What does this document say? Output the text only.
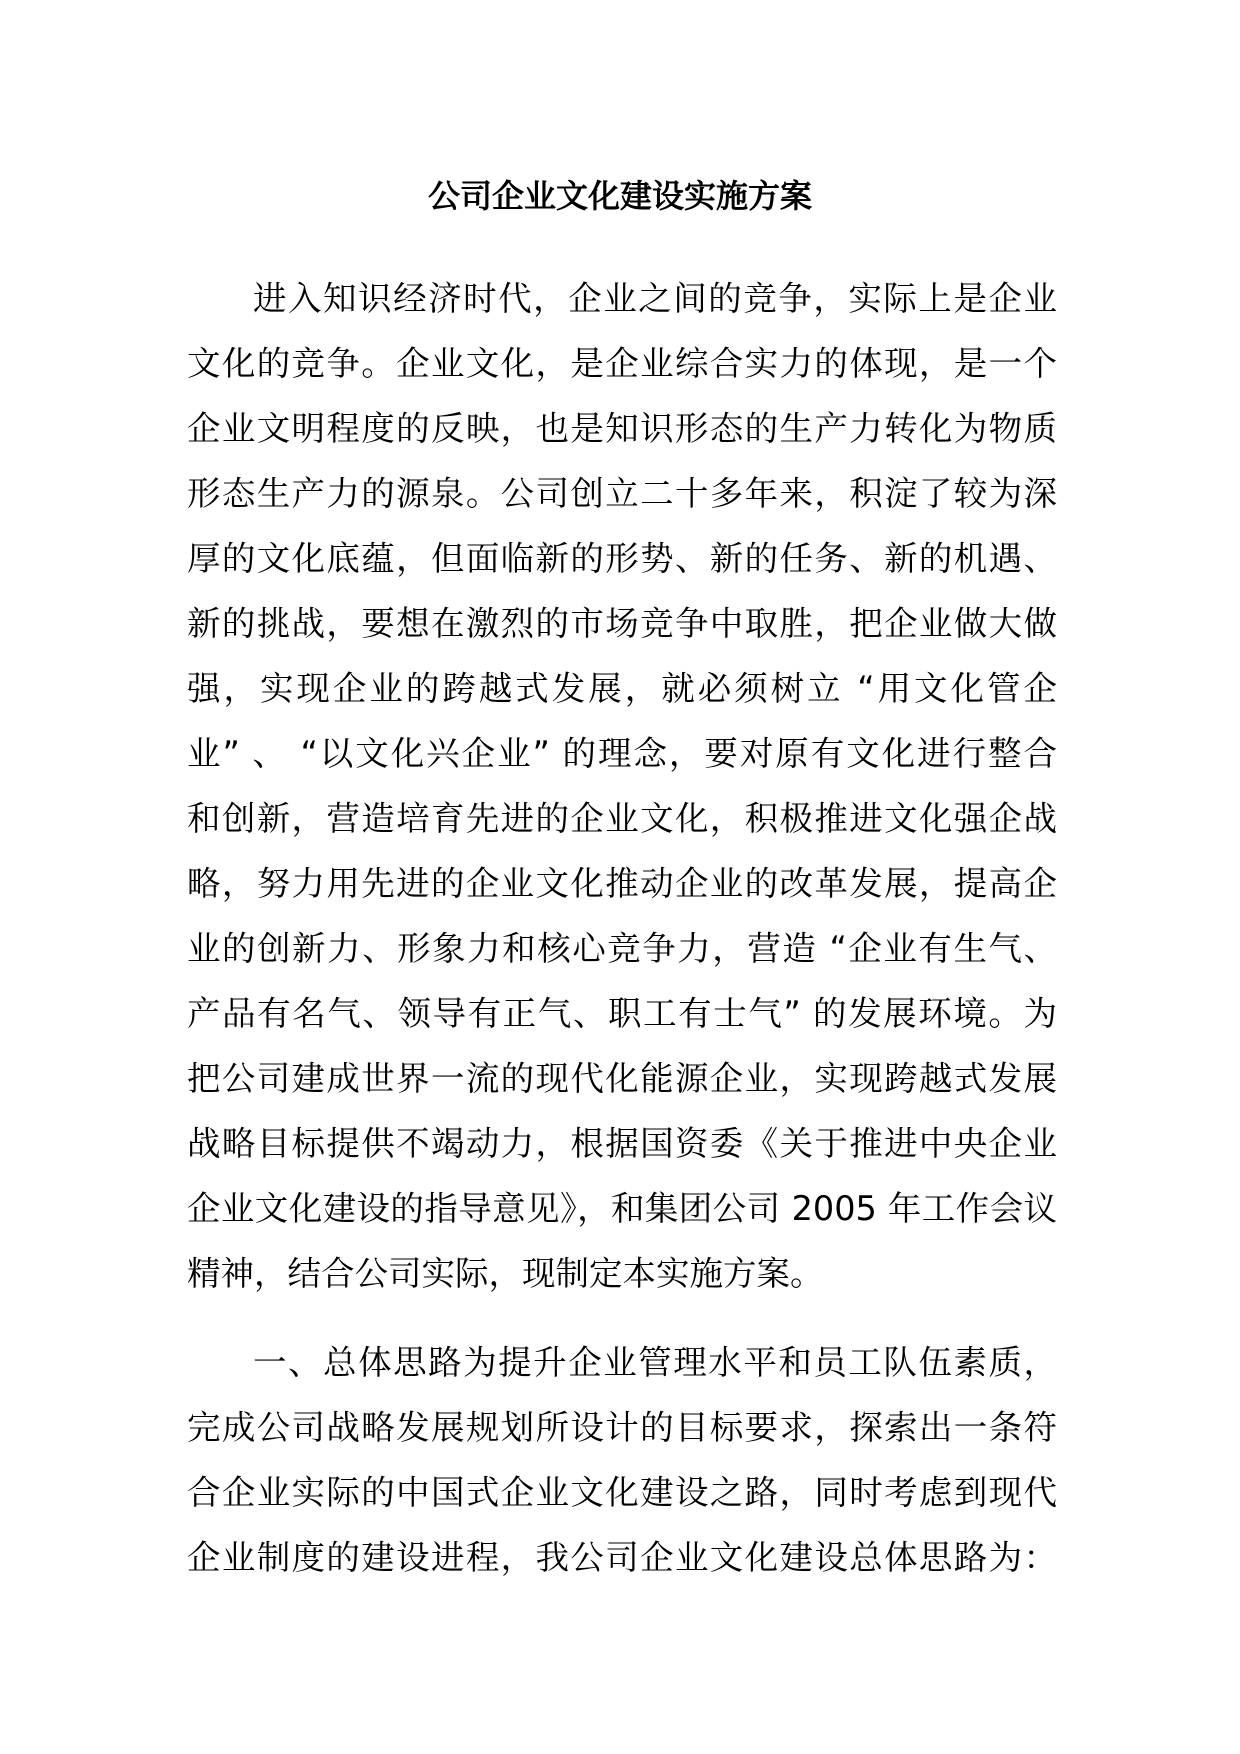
公司企业文化建设实施方案
进入知识经济时代，企业之间的竞争，实际上是企业
文化的竞争。企业文化，是企业综合实力的体现，是一个
企业文明程度的反映，也是知识形态的生产力转化为物质
形态生产力的源泉。公司创立二十多年来，积淀了较为深
厚的文化底蕴，但面临新的形势、新的任务、新的机遇、
新的挑战，要想在激烈的市场竞争中取胜，把企业做大做
强，实现企业的跨越式发展，就必须树立 “用文化管企
业” 、 “以文化兴企业” 的理念，要对原有文化进行整合
和创新，营造培育先进的企业文化，积极推进文化强企战
略，努力用先进的企业文化推动企业的改革发展，提高企
业的创新力、形象力和核心竞争力，营造 “企业有生气、
产品有名气、领导有正气、职工有士气” 的发展环境。为
把公司建成世界一流的现代化能源企业，实现跨越式发展
战略目标提供不竭动力，根据国资委《关于推进中央企业
企业文化建设的指导意见》，和集团公司 2005 年工作会议
精神，结合公司实际，现制定本实施方案。
一、总体思路为提升企业管理水平和员工队伍素质，
完成公司战略发展规划所设计的目标要求，探索出一条符
合企业实际的中国式企业文化建设之路，同时考虑到现代
企业制度的建设进程，我公司企业文化建设总体思路为：
